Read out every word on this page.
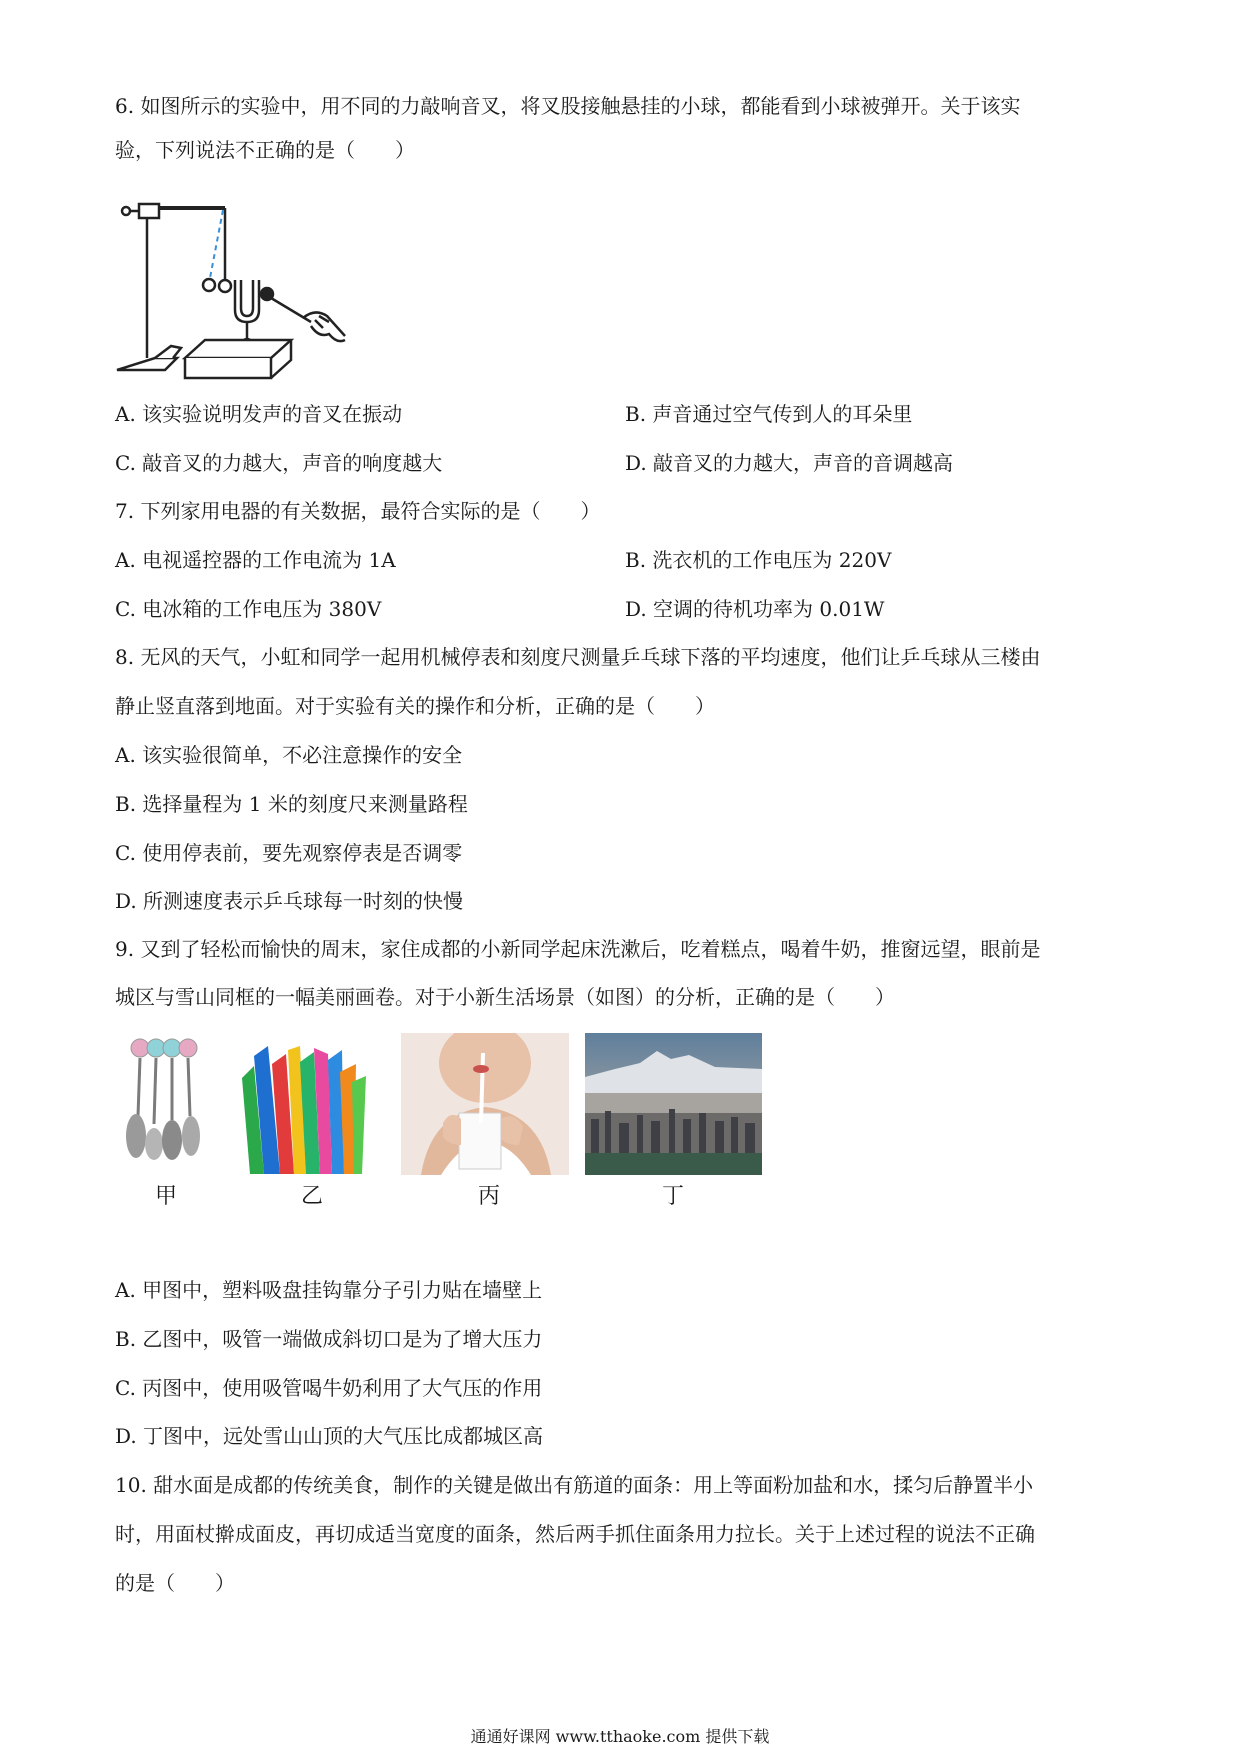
6. 如图所示的实验中，用不同的力敲响音叉，将叉股接触悬挂的小球，都能看到小球被弹开。关于该实
验，下列说法不正确的是（　　）
A. 该实验说明发声的音叉在振动	B. 声音通过空气传到人的耳朵里
C. 敲音叉的力越大，声音的响度越大	D. 敲音叉的力越大，声音的音调越高
7. 下列家用电器的有关数据，最符合实际的是（　　）
A. 电视遥控器的工作电流为 1A	B. 洗衣机的工作电压为 220V
C. 电冰箱的工作电压为 380V	D. 空调的待机功率为 0.01W
8. 无风的天气，小虹和同学一起用机械停表和刻度尺测量乒乓球下落的平均速度，他们让乒乓球从三楼由
静止竖直落到地面。对于实验有关的操作和分析，正确的是（　　）
A. 该实验很简单，不必注意操作的安全
B. 选择量程为 1 米的刻度尺来测量路程
C. 使用停表前，要先观察停表是否调零
D. 所测速度表示乒乓球每一时刻的快慢
9. 又到了轻松而愉快的周末，家住成都的小新同学起床洗漱后，吃着糕点，喝着牛奶，推窗远望，眼前是
城区与雪山同框的一幅美丽画卷。对于小新生活场景（如图）的分析，正确的是（　　）
甲	乙	丙	丁
A. 甲图中，塑料吸盘挂钩靠分子引力贴在墙壁上
B. 乙图中，吸管一端做成斜切口是为了增大压力
C. 丙图中，使用吸管喝牛奶利用了大气压的作用
D. 丁图中，远处雪山山顶的大气压比成都城区高
10. 甜水面是成都的传统美食，制作的关键是做出有筋道的面条：用上等面粉加盐和水，揉匀后静置半小
时，用面杖擀成面皮，再切成适当宽度的面条，然后两手抓住面条用力拉长。关于上述过程的说法不正确
的是（　　）
通通好课网 www.tthaoke.com 提供下载
